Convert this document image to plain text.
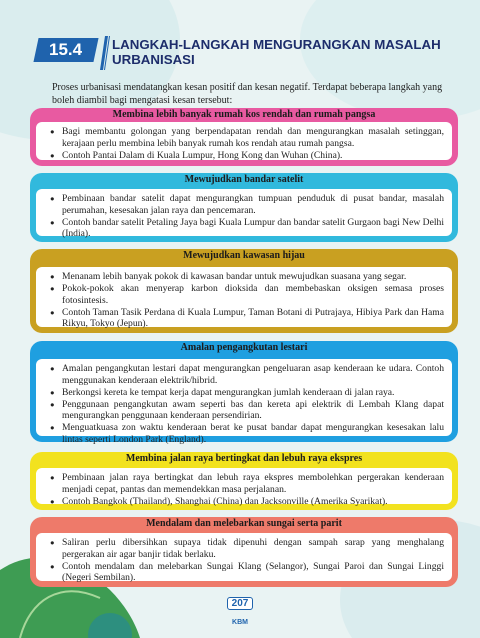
15.4 LANGKAH-LANGKAH MENGURANGKAN MASALAH URBANISASI

Proses urbanisasi mendatangkan kesan positif dan kesan negatif. Terdapat beberapa langkah yang boleh diambil bagi mengatasi kesan tersebut:

Membina lebih banyak rumah kos rendah dan rumah pangsa
● Bagi membantu golongan yang berpendapatan rendah dan mengurangkan masalah setinggan, kerajaan perlu membina lebih banyak rumah kos rendah atau rumah pangsa.
● Contoh Pantai Dalam di Kuala Lumpur, Hong Kong dan Wuhan (China).
Mewujudkan bandar satelit
● Pembinaan bandar satelit dapat mengurangkan tumpuan penduduk di pusat bandar, masalah perumahan, kesesakan jalan raya dan pencemaran.
● Contoh bandar satelit Petaling Jaya bagi Kuala Lumpur dan bandar satelit Gurgaon bagi New Delhi (India).
Mewujudkan kawasan hijau
● Menanam lebih banyak pokok di kawasan bandar untuk mewujudkan suasana yang segar.
● Pokok-pokok akan menyerap karbon dioksida dan membebaskan oksigen semasa proses fotosintesis.
● Contoh Taman Tasik Perdana di Kuala Lumpur, Taman Botani di Putrajaya, Hibiya Park dan Hama Rikyu, Tokyo (Jepun).
Amalan pengangkutan lestari
● Amalan pengangkutan lestari dapat mengurangkan pengeluaran asap kenderaan ke udara. Contoh menggunakan kenderaan elektrik/hibrid.
● Berkongsi kereta ke tempat kerja dapat mengurangkan jumlah kenderaan di jalan raya.
● Penggunaan pengangkutan awam seperti bas dan kereta api elektrik di Lembah Klang dapat mengurangkan penggunaan kenderaan persendirian.
● Menguatkuasa zon waktu kenderaan berat ke pusat bandar dapat mengurangkan kesesakan lalu lintas seperti London Park (England).
Membina jalan raya bertingkat dan lebuh raya ekspres
● Pembinaan jalan raya bertingkat dan lebuh raya ekspres membolehkan pergerakan kenderaan menjadi cepat, pantas dan memendekkan masa perjalanan.
● Contoh Bangkok (Thailand), Shanghai (China) dan Jacksonville (Amerika Syarikat).
Mendalam dan melebarkan sungai serta parit
● Saliran perlu dibersihkan supaya tidak dipenuhi dengan sampah sarap yang menghalang pergerakan air agar banjir tidak berlaku.
● Contoh mendalam dan melebarkan Sungai Klang (Selangor), Sungai Paroi dan Sungai Linggi (Negeri Sembilan).
207
KBM
